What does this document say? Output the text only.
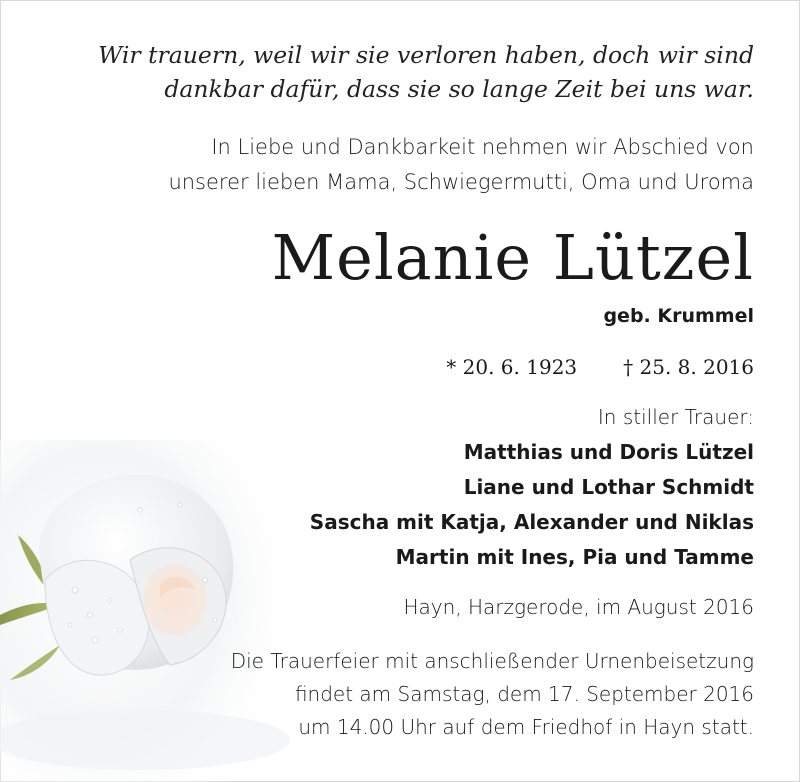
Wir trauern, weil wir sie verloren haben, doch wir sind
dankbar dafür, dass sie so lange Zeit bei uns war.
In Liebe und Dankbarkeit nehmen wir Abschied von
unserer lieben Mama, Schwiegermutti, Oma und Uroma
Melanie Lützel
geb. Krummel
* 20. 6. 1923 † 25. 8. 2016
In stiller Trauer:
Matthias und Doris Lützel
Liane und Lothar Schmidt
Sascha mit Katja, Alexander und Niklas
Martin mit Ines, Pia und Tamme
Hayn, Harzgerode, im August 2016
Die Trauerfeier mit anschließender Urnenbeisetzung
findet am Samstag, dem 17. September 2016
um 14.00 Uhr auf dem Friedhof in Hayn statt.
